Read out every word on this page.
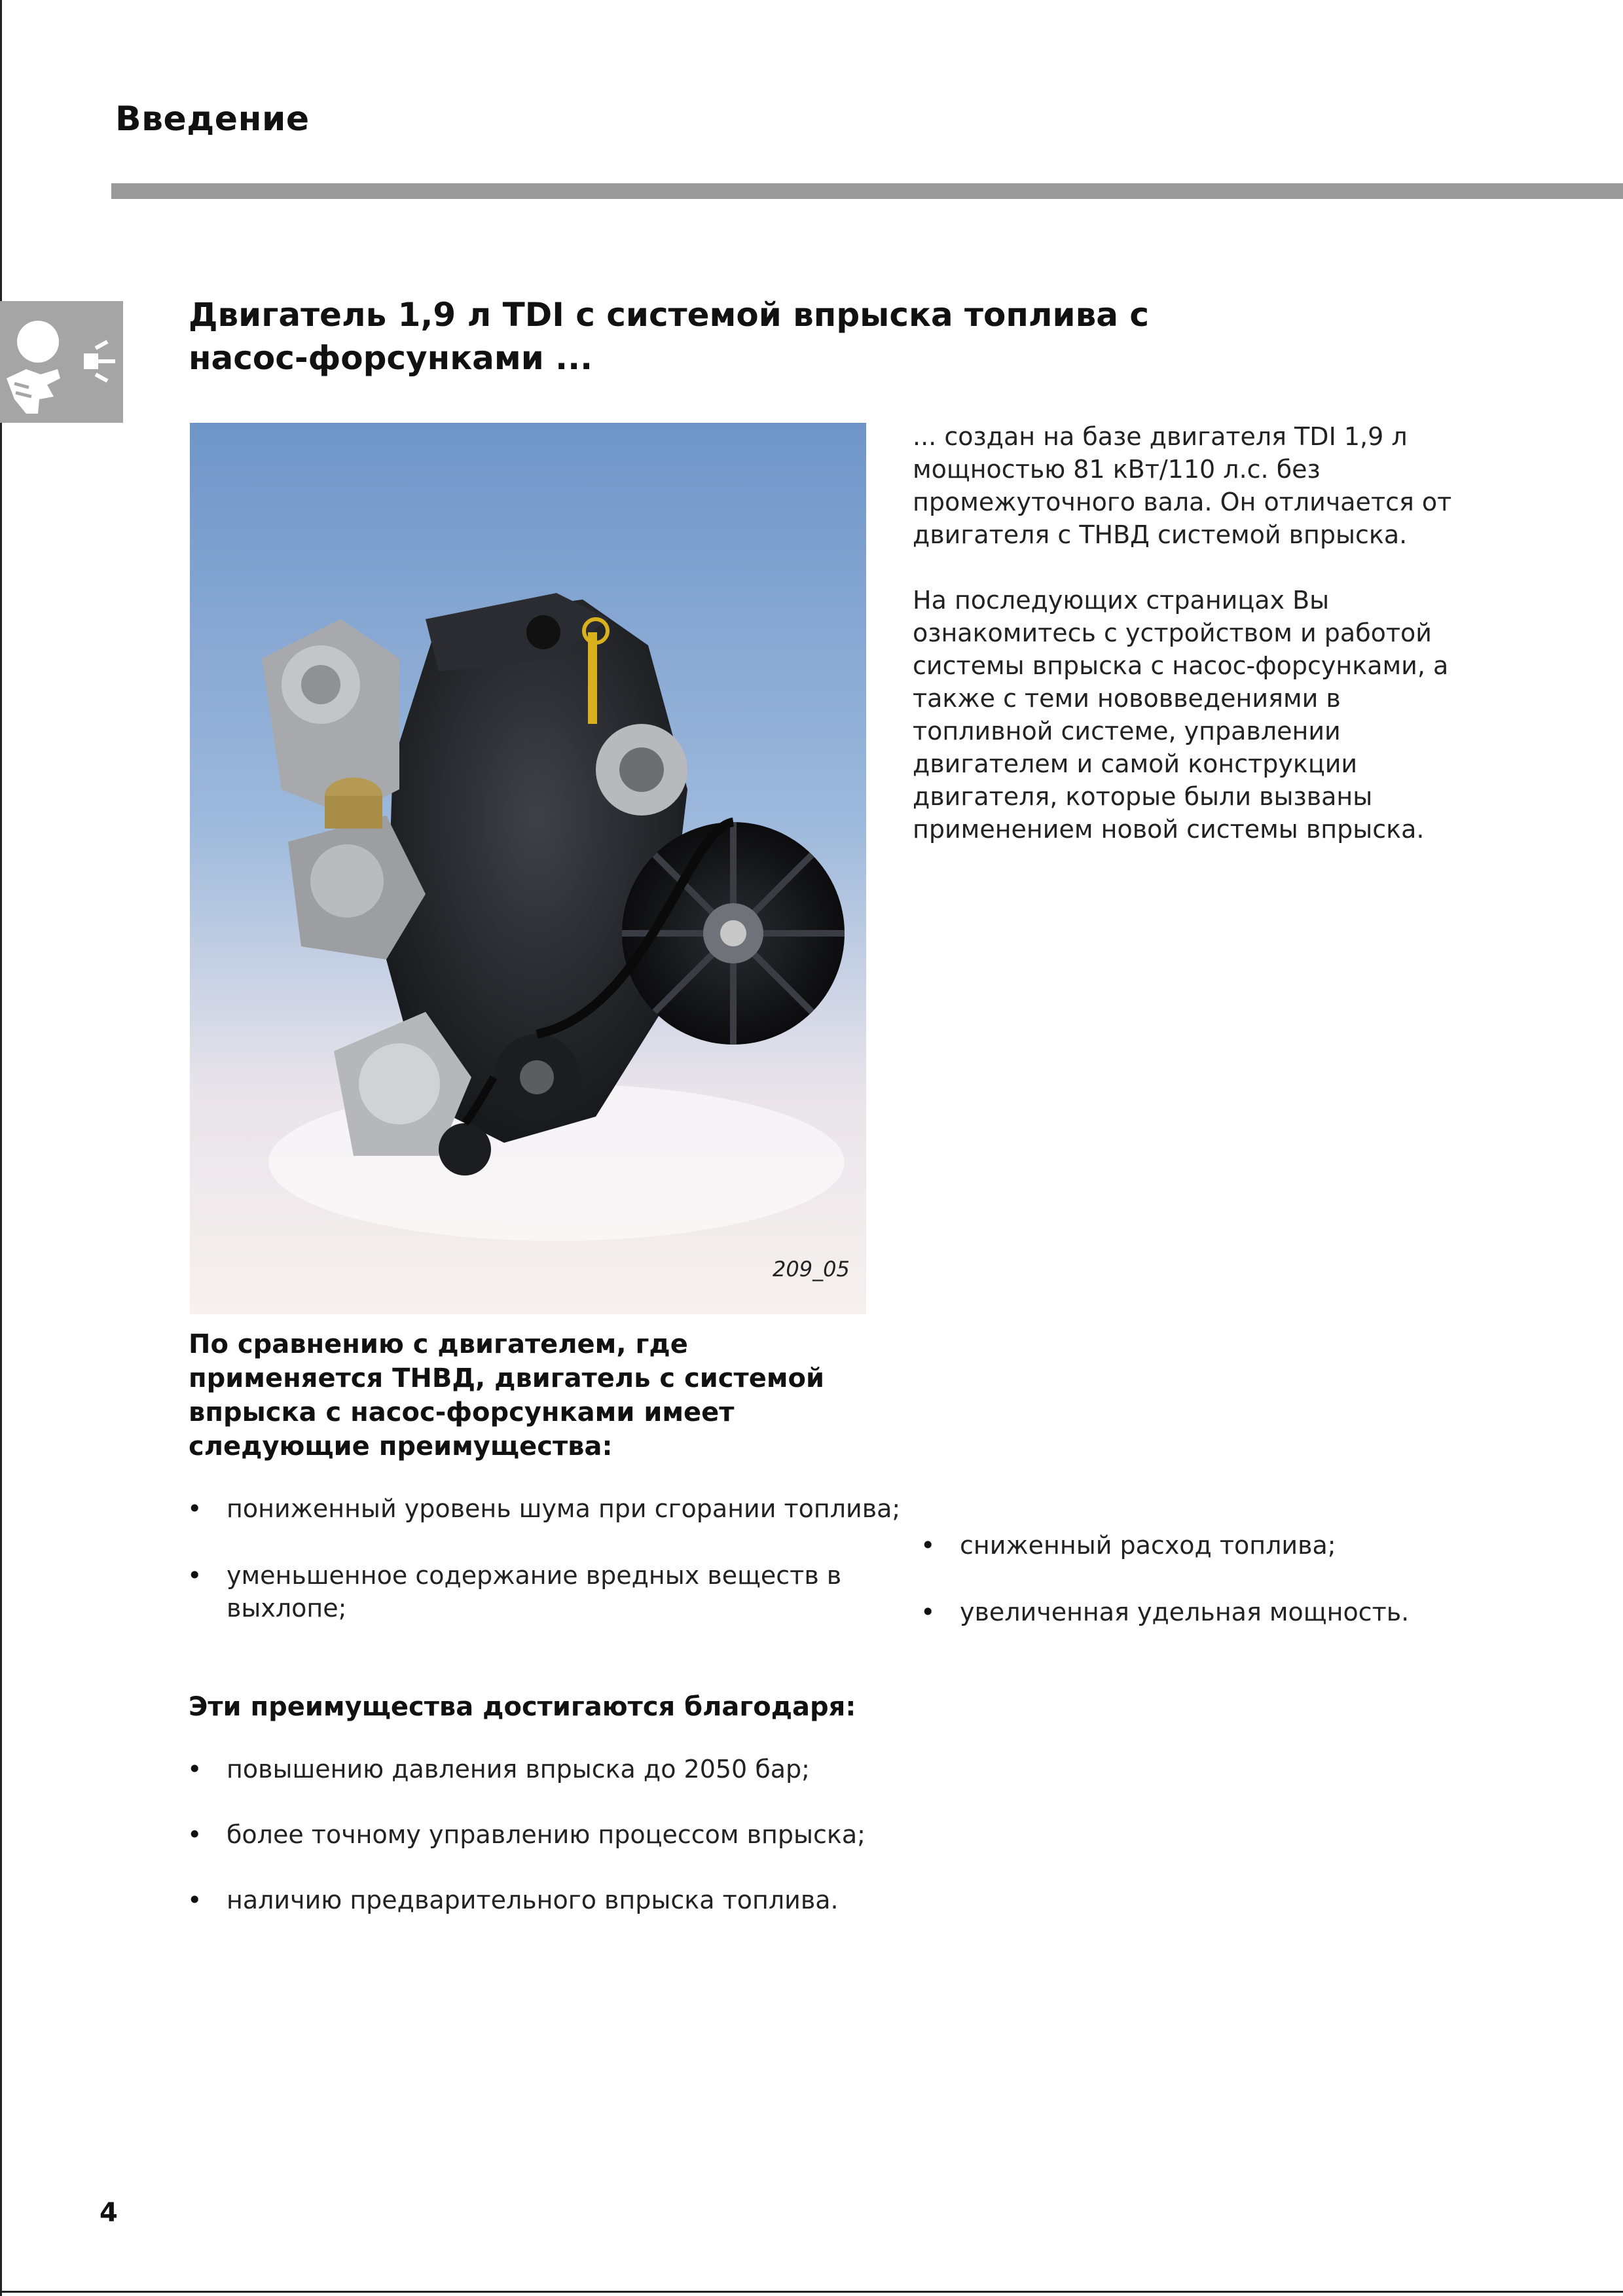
Введение
Двигатель 1,9 л TDI с системой впрыска топлива с насос-форсунками ...
209_05

... создан на базе двигателя TDI 1,9 л мощностью 81 кВт/110 л.с. без промежуточного вала. Он отличается от двигателя с ТНВД системой впрыска.

На последующих страницах Вы ознакомитесь с устройством и работой системы впрыска с насос-форсунками, а также с теми нововведениями в топливной системе, управлении двигателем и самой конструкции двигателя, которые были вызваны применением новой системы впрыска.

По сравнению с двигателем, где применяется ТНВД, двигатель с системой впрыска с насос-форсунками имеет следующие преимущества:
• пониженный уровень шума при сгорании топлива;
• уменьшенное содержание вредных веществ в выхлопе;
• сниженный расход топлива;
• увеличенная удельная мощность.
Эти преимущества достигаются благодаря:
• повышению давления впрыска до 2050 бар;
• более точному управлению процессом впрыска;
• наличию предварительного впрыска топлива.
4
